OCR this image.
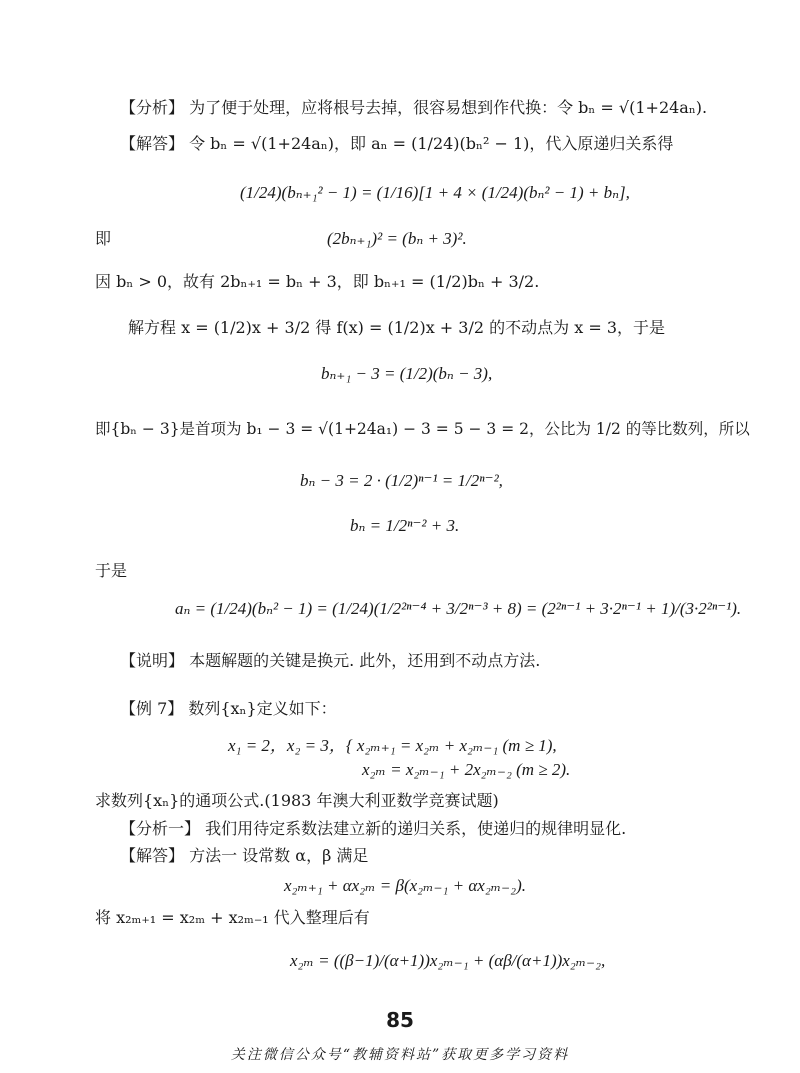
【分析】 为了便于处理，应将根号去掉，很容易想到作代换：令 bₙ = √(1+24aₙ).
【解答】 令 bₙ = √(1+24aₙ)，即 aₙ = (1/24)(bₙ² − 1)，代入原递归关系得
(1/24)(bₙ₊₁² − 1) = (1/16)[1 + 4 × (1/24)(bₙ² − 1) + bₙ],
即	(2bₙ₊₁)² = (bₙ + 3)².
因 bₙ > 0，故有 2bₙ₊₁ = bₙ + 3，即 bₙ₊₁ = (1/2)bₙ + 3/2.
解方程 x = (1/2)x + 3/2 得 f(x) = (1/2)x + 3/2 的不动点为 x = 3，于是
bₙ₊₁ − 3 = (1/2)(bₙ − 3),
即{bₙ − 3}是首项为 b₁ − 3 = √(1+24a₁) − 3 = 5 − 3 = 2，公比为 1/2 的等比数列，所以
bₙ − 3 = 2 · (1/2)ⁿ⁻¹ = 1/2ⁿ⁻²,
bₙ = 1/2ⁿ⁻² + 3.
于是
aₙ = (1/24)(bₙ² − 1) = (1/24)(1/2²ⁿ⁻⁴ + 3/2ⁿ⁻³ + 8) = (2²ⁿ⁻¹ + 3·2ⁿ⁻¹ + 1)/(3·2²ⁿ⁻¹).
【说明】 本题解题的关键是换元. 此外，还用到不动点方法.
【例 7】 数列{xₙ}定义如下：
x₁ = 2，x₂ = 3，{ x₂ₘ₊₁ = x₂ₘ + x₂ₘ₋₁ (m ≥ 1),
x₂ₘ = x₂ₘ₋₁ + 2x₂ₘ₋₂ (m ≥ 2).
求数列{xₙ}的通项公式.(1983 年澳大利亚数学竞赛试题)
【分析一】 我们用待定系数法建立新的递归关系，使递归的规律明显化.
【解答】 方法一 设常数 α，β 满足
x₂ₘ₊₁ + αx₂ₘ = β(x₂ₘ₋₁ + αx₂ₘ₋₂).
将 x₂ₘ₊₁ = x₂ₘ + x₂ₘ₋₁ 代入整理后有
x₂ₘ = ((β−1)/(α+1))x₂ₘ₋₁ + (αβ/(α+1))x₂ₘ₋₂,
85
关注微信公众号“教辅资料站”获取更多学习资料
